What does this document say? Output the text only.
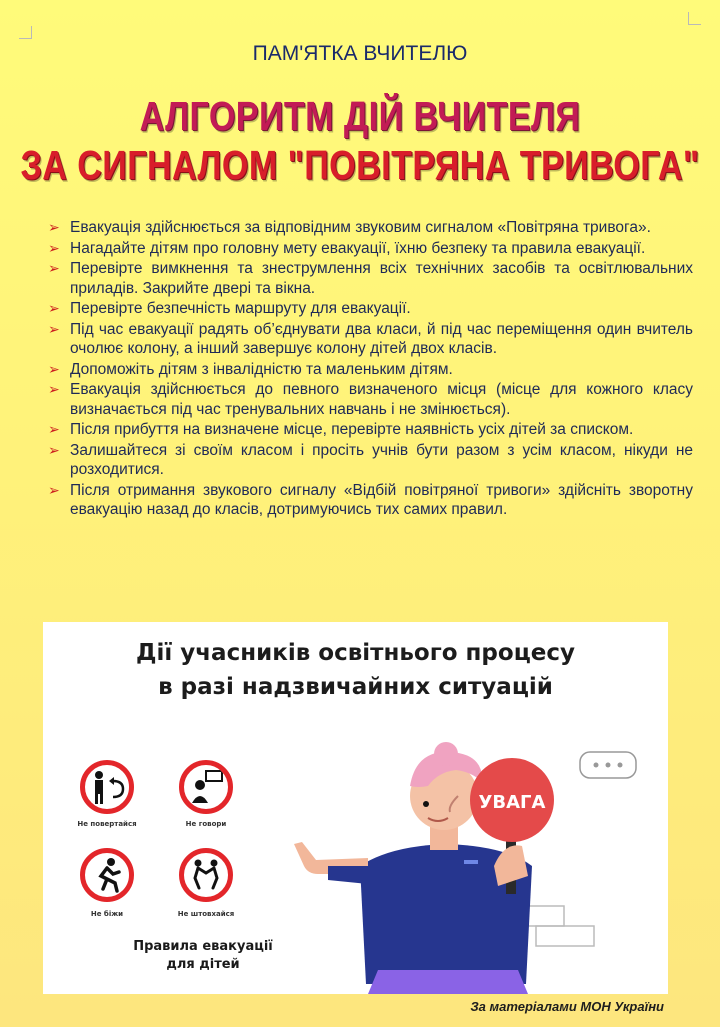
ПАМ'ЯТКА ВЧИТЕЛЮ
АЛГОРИТМ ДІЙ ВЧИТЕЛЯ
ЗА СИГНАЛОМ "ПОВІТРЯНА ТРИВОГА"
➢ Евакуація здійснюється за відповідним звуковим сигналом «Повітряна тривога».
➢ Нагадайте дітям про головну мету евакуації, їхню безпеку та правила евакуації.
➢ Перевірте вимкнення та знеструмлення всіх технічних засобів та освітлювальних приладів. Закрийте двері та вікна.
➢ Перевірте безпечність маршруту для евакуації.
➢ Під час евакуації радять об’єднувати два класи, й під час переміщення один вчитель очолює колону, а інший завершує колону дітей двох класів.
➢ Допоможіть дітям з інвалідністю та маленьким дітям.
➢ Евакуація здійснюється до певного визначеного місця (місце для кожного класу визначається під час тренувальних навчань і не змінюється).
➢ Після прибуття на визначене місце, перевірте наявність усіх дітей за списком.
➢ Залишайтеся зі своїм класом і просіть учнів бути разом з усім класом, нікуди не розходитися.
➢ Після отримання звукового сигналу «Відбій повітряної тривоги» здійсніть зворотну евакуацію назад до класів, дотримуючись тих самих правил.
Дії учасників освітнього процесу
в разі надзвичайних ситуацій
Не повертайся	Не говори
Не біжи	Не штовхайся
Правила евакуації
для дітей
УВАГА
За матеріалами МОН України
